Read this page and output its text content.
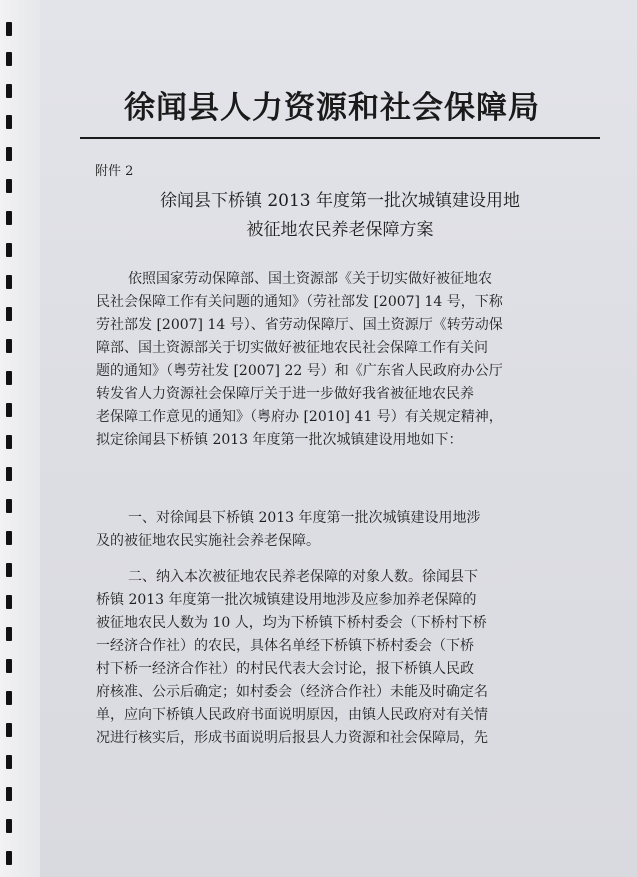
徐闻县人力资源和社会保障局
附件 2
徐闻县下桥镇 2013 年度第一批次城镇建设用地
被征地农民养老保障方案
依照国家劳动保障部、国土资源部《关于切实做好被征地农
民社会保障工作有关问题的通知》（劳社部发 [2007] 14 号，下称
劳社部发 [2007] 14 号）、省劳动保障厅、国土资源厅《转劳动保
障部、国土资源部关于切实做好被征地农民社会保障工作有关问
题的通知》（粤劳社发 [2007] 22 号）和《广东省人民政府办公厅
转发省人力资源社会保障厅关于进一步做好我省被征地农民养
老保障工作意见的通知》（粤府办 [2010] 41 号）有关规定精神，
拟定徐闻县下桥镇 2013 年度第一批次城镇建设用地如下：
一、对徐闻县下桥镇 2013 年度第一批次城镇建设用地涉
及的被征地农民实施社会养老保障。
二、纳入本次被征地农民养老保障的对象人数。徐闻县下
桥镇 2013 年度第一批次城镇建设用地涉及应参加养老保障的
被征地农民人数为 10 人，均为下桥镇下桥村委会（下桥村下桥
一经济合作社）的农民，具体名单经下桥镇下桥村委会（下桥
村下桥一经济合作社）的村民代表大会讨论，报下桥镇人民政
府核准、公示后确定；如村委会（经济合作社）未能及时确定名
单，应向下桥镇人民政府书面说明原因，由镇人民政府对有关情
况进行核实后，形成书面说明后报县人力资源和社会保障局，先
